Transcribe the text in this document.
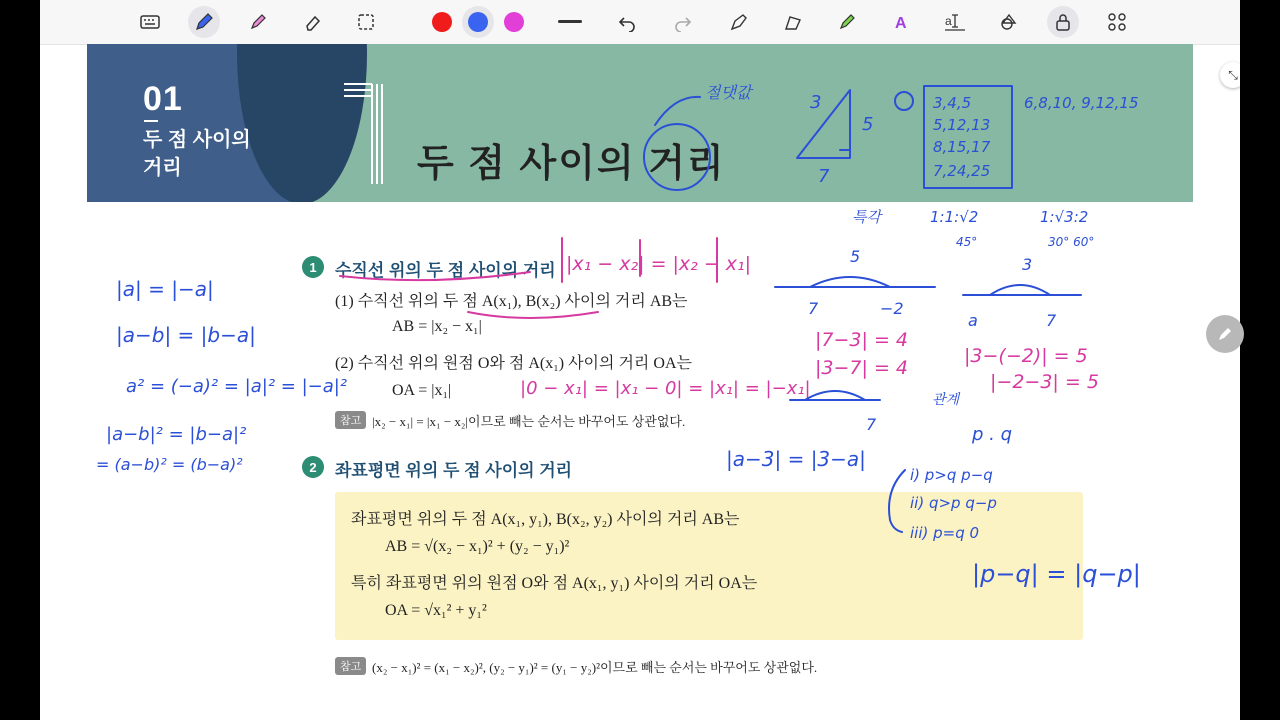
A	a
01
두 점 사이의
거리	두 점 사이의 거리
1	수직선 위의 두 점 사이의 거리
(1) 수직선 위의 두 점 A(x₁), B(x₂) 사이의 거리 AB는
AB = |x₂ − x₁|
(2) 수직선 위의 원점 O와 점 A(x₁) 사이의 거리 OA는
OA = |x₁|
참고 |x₂ − x₁| = |x₁ − x₂|이므로 빼는 순서는 바꾸어도 상관없다.
2	좌표평면 위의 두 점 사이의 거리
좌표평면 위의 두 점 A(x₁, y₁), B(x₂, y₂) 사이의 거리 AB는
AB = √(x₂ − x₁)² + (y₂ − y₁)²
특히 좌표평면 위의 원점 O와 점 A(x₁, y₁) 사이의 거리 OA는
OA = √x₁² + y₁²
참고 (x₂ − x₁)² = (x₁ − x₂)², (y₂ − y₁)² = (y₁ − y₂)²이므로 빼는 순서는 바꾸어도 상관없다.
⤡
|x₁ − x₂| = |x₂ − x₁|
|0 − x₁| = |x₁ − 0| = |x₁| = |−x₁|
|7−3| = 4
|3−7| = 4
|3−(−2)| = 5
|−2−3| = 5
절댓값	3
5
7
3,4,5
5,12,13
8,15,17
7,24,25
6,8,10, 9,12,15
특각	1:1:√2	1:√3:2
45°	30° 60°
5	3
7	−2
a	7
7
|a−3| = |3−a|
|a| = |−a|
|a−b| = |b−a|
a² = (−a)² = |a|² = |−a|²
|a−b|² = |b−a|²
= (a−b)² = (b−a)²
관계
p . q
i) p>q p−q
ii) q>p q−p
iii) p=q 0
|p−q| = |q−p|
